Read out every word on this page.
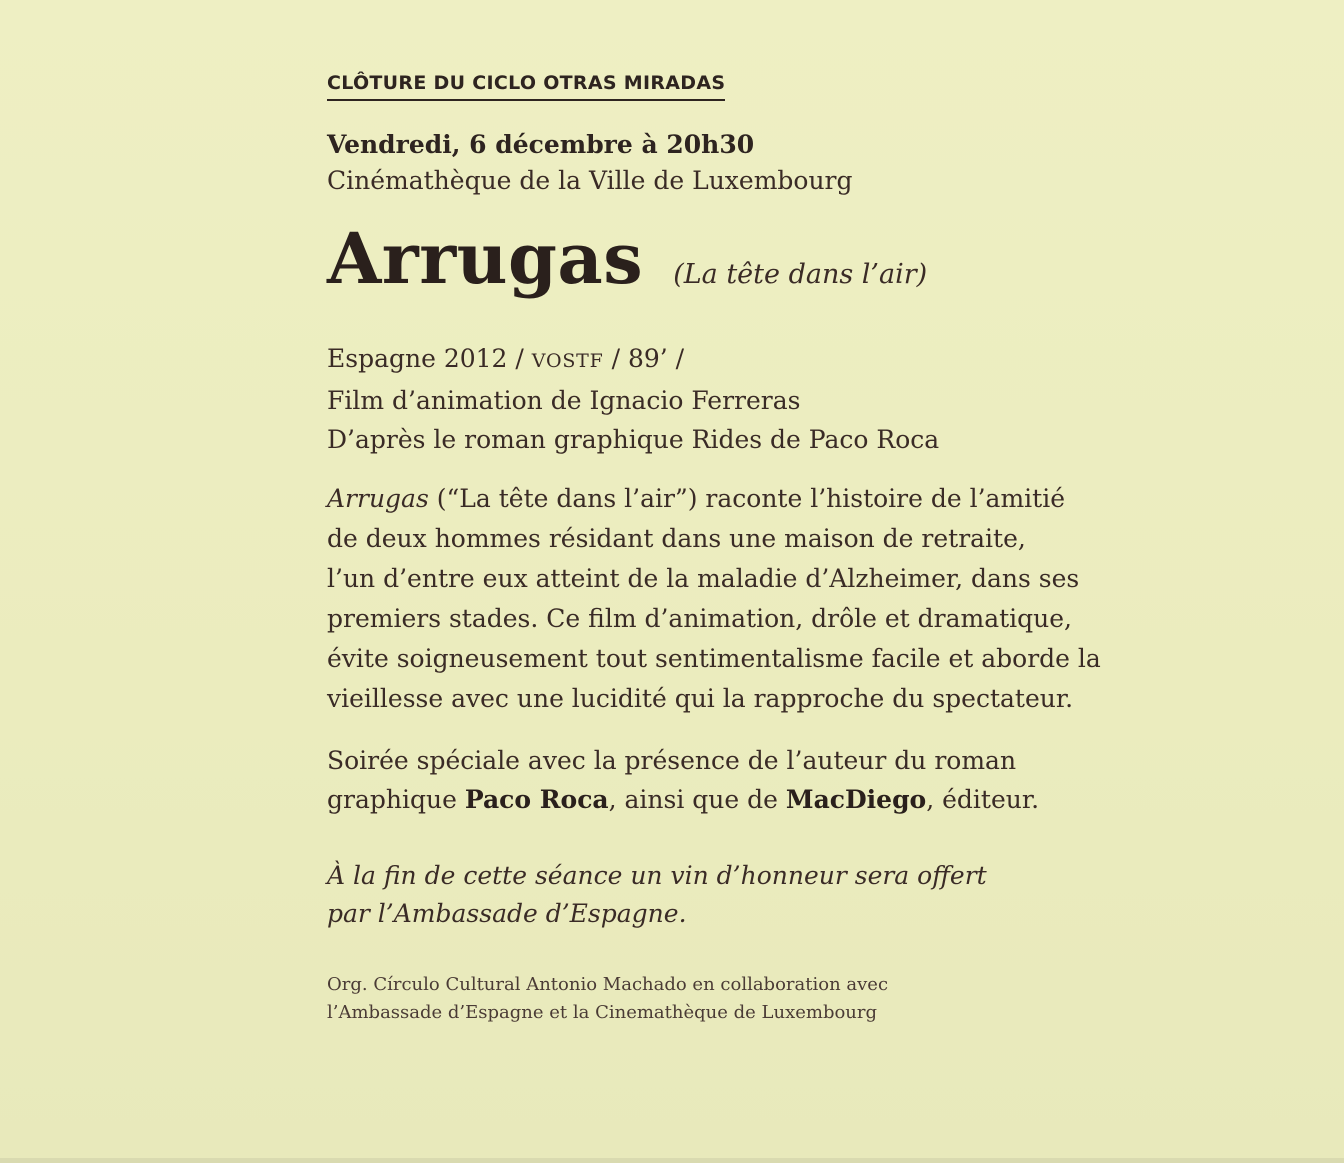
CLÔTURE DU CICLO OTRAS MIRADAS
Vendredi, 6 décembre à 20h30
Cinémathèque de la Ville de Luxembourg
Arrugas (La tête dans l’air)
Espagne 2012 / VOSTF / 89’ /
Film d’animation de Ignacio Ferreras
D’après le roman graphique Rides de Paco Roca
Arrugas (“La tête dans l’air”) raconte l’histoire de l’amitié
de deux hommes résidant dans une maison de retraite,
l’un d’entre eux atteint de la maladie d’Alzheimer, dans ses
premiers stades. Ce film d’animation, drôle et dramatique,
évite soigneusement tout sentimentalisme facile et aborde la
vieillesse avec une lucidité qui la rapproche du spectateur.
Soirée spéciale avec la présence de l’auteur du roman
graphique Paco Roca, ainsi que de MacDiego, éditeur.
À la fin de cette séance un vin d’honneur sera offert
par l’Ambassade d’Espagne.
Org. Círculo Cultural Antonio Machado en collaboration avec
l’Ambassade d’Espagne et la Cinemathèque de Luxembourg
